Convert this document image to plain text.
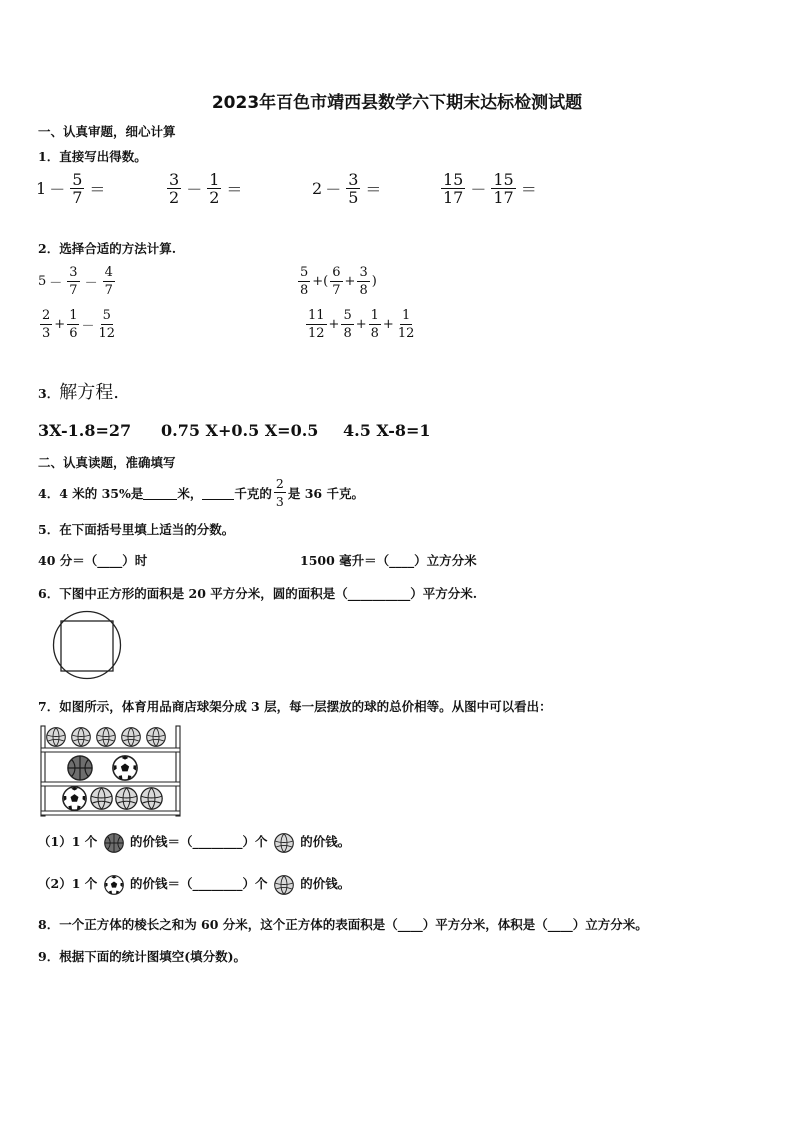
2023年百色市靖西县数学六下期末达标检测试题
一、认真审题，细心计算
1．直接写出得数。
$1 - \frac{5}{7}$ ＝	$\frac{3}{2} - \frac{1}{2}$ ＝	$2 - \frac{3}{5}$ ＝	$\frac{15}{17} - \frac{15}{17}$ ＝
2．选择合适的方法计算.
$5 - \frac{3}{7} - \frac{4}{7}$	$\frac{5}{8}$ +( $\frac{6}{7} + \frac{3}{8}$ )
$\frac{2}{3} + \frac{1}{6} - \frac{5}{12}$	$\frac{11}{12} + \frac{5}{8} + \frac{1}{8} + \frac{1}{12}$
3．解方程.
3X-1.8=27 0.75 X+0.5 X=0.5 4.5 X-8=1
二、认真读题，准确填写
4．4 米的 35%是	米，	千克的 $\frac{2}{3}$ 是 36 千克。
5．在下面括号里填上适当的分数。
40 分＝（____）时	1500 毫升＝（____）立方分米
6．下图中正方形的面积是 20 平方分米，圆的面积是（__________）平方分米.
7．如图所示，体育用品商店球架分成 3 层，每一层摆放的球的总价相等。从图中可以看出：
（1）1 个	的价钱＝（________）个	的价钱。
（2）1 个	的价钱＝（________）个	的价钱。
8．一个正方体的棱长之和为 60 分米，这个正方体的表面积是（____）平方分米，体积是（____）立方分米。
9．根据下面的统计图填空(填分数)。
